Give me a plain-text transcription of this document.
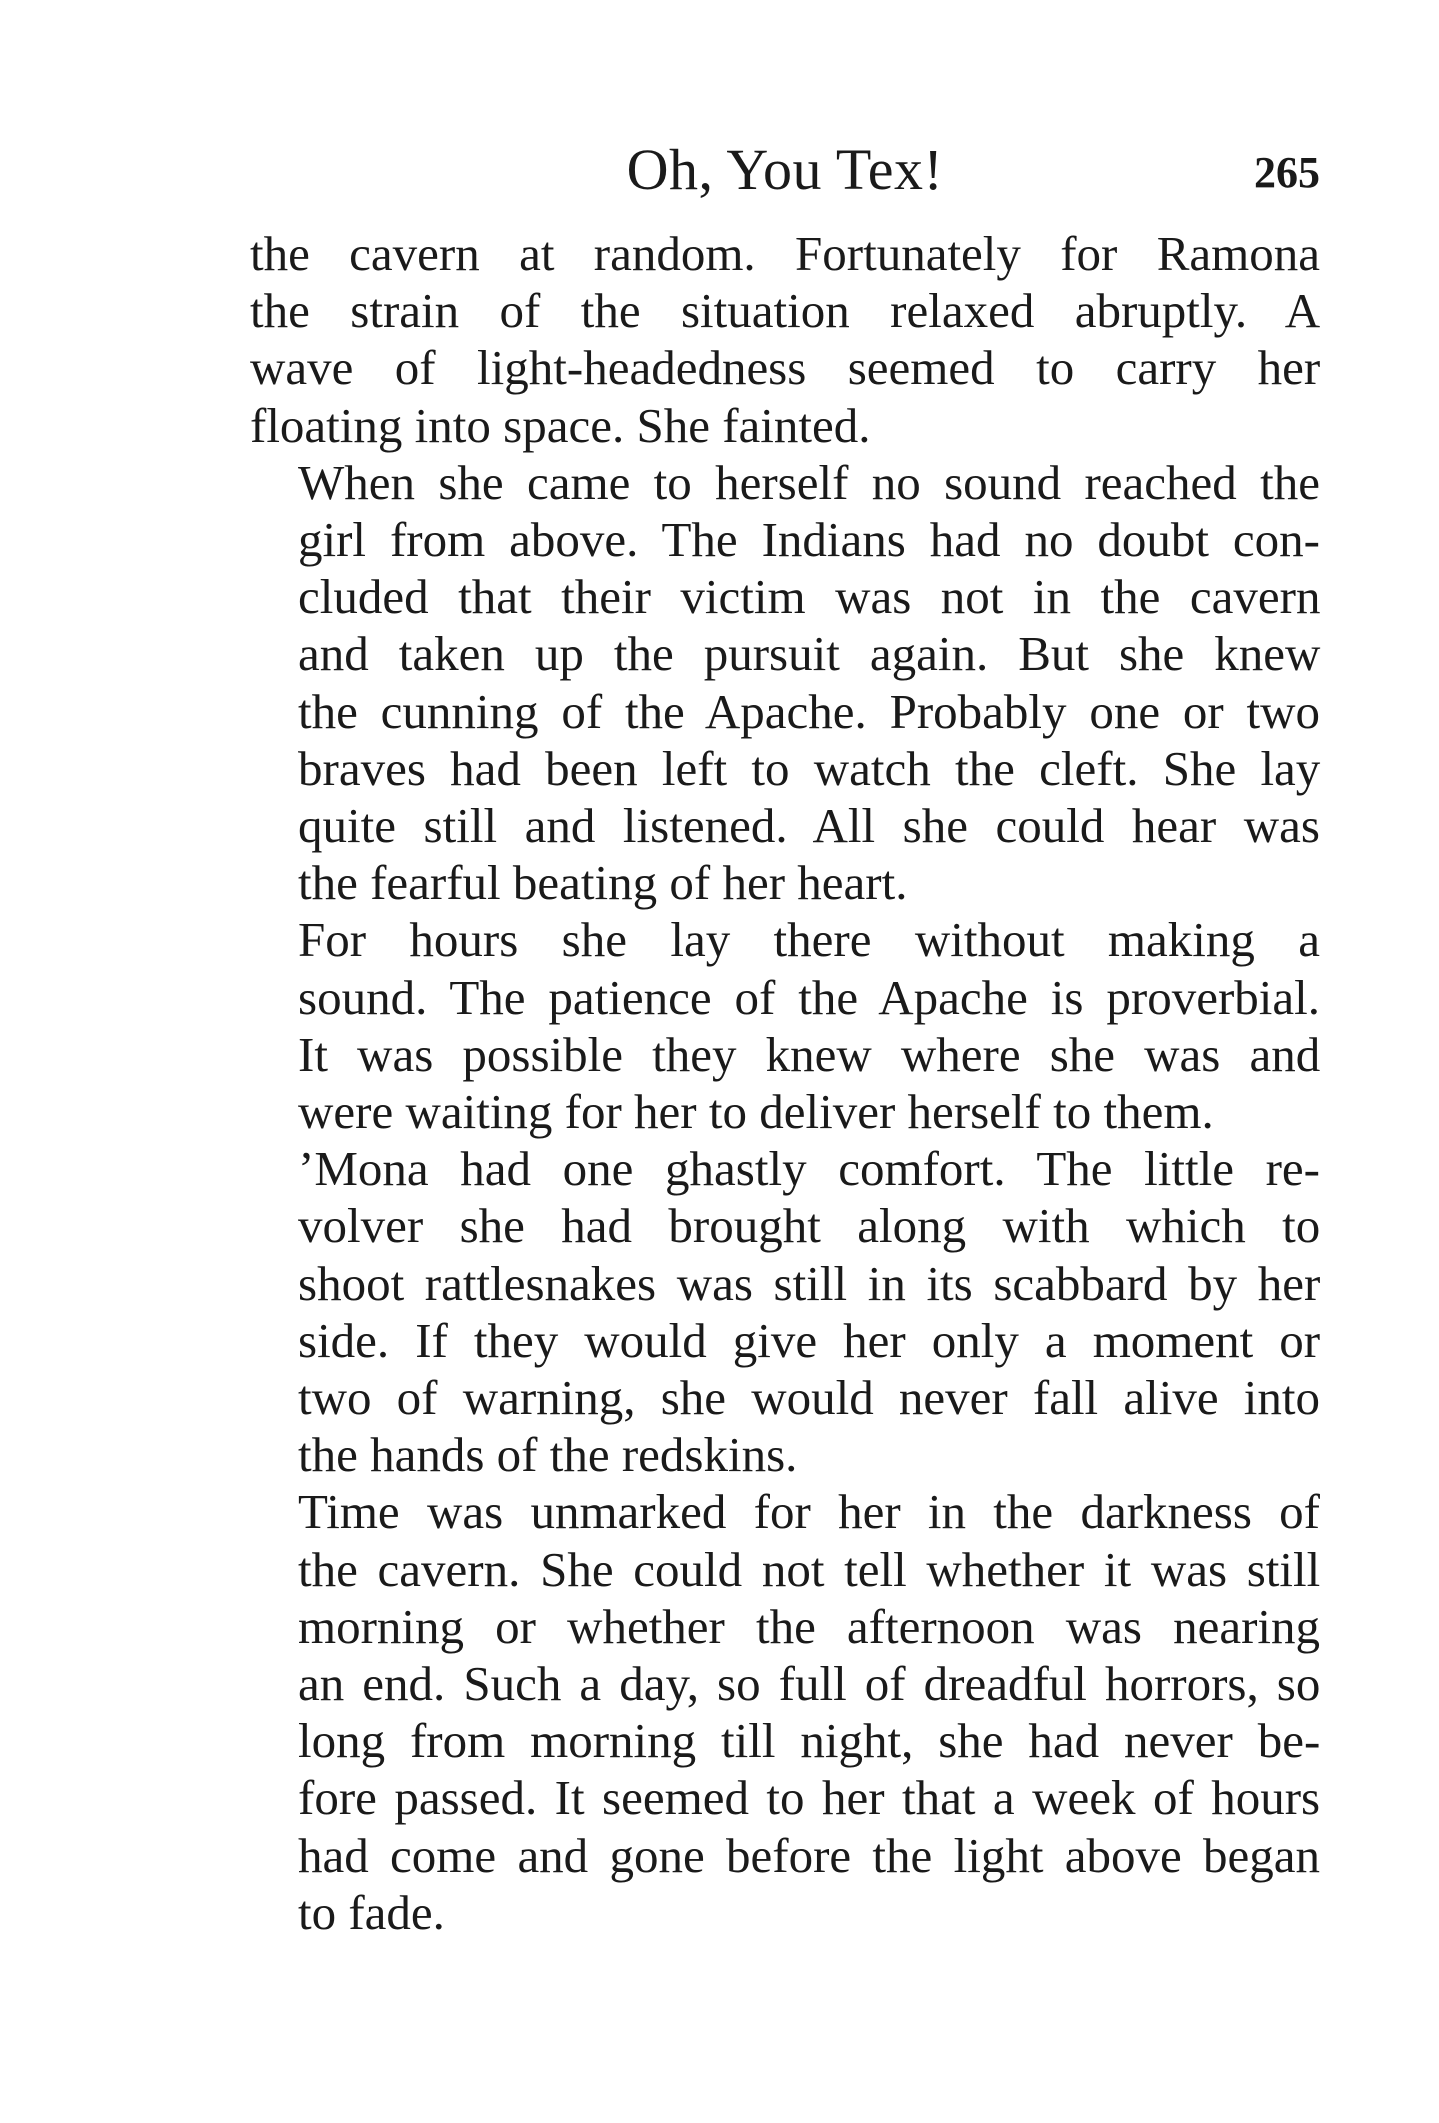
Oh, You Tex!	265
the cavern at random. Fortunately for Ramona
the strain of the situation relaxed abruptly. A
wave of light-headedness seemed to carry her
floating into space. She fainted.
When she came to herself no sound reached the
girl from above. The Indians had no doubt con-
cluded that their victim was not in the cavern
and taken up the pursuit again. But she knew
the cunning of the Apache. Probably one or two
braves had been left to watch the cleft. She lay
quite still and listened. All she could hear was
the fearful beating of her heart.
For hours she lay there without making a
sound. The patience of the Apache is proverbial.
It was possible they knew where she was and
were waiting for her to deliver herself to them.
’Mona had one ghastly comfort. The little re-
volver she had brought along with which to
shoot rattlesnakes was still in its scabbard by her
side. If they would give her only a moment or
two of warning, she would never fall alive into
the hands of the redskins.
Time was unmarked for her in the darkness of
the cavern. She could not tell whether it was still
morning or whether the afternoon was nearing
an end. Such a day, so full of dreadful horrors, so
long from morning till night, she had never be-
fore passed. It seemed to her that a week of hours
had come and gone before the light above began
to fade.
